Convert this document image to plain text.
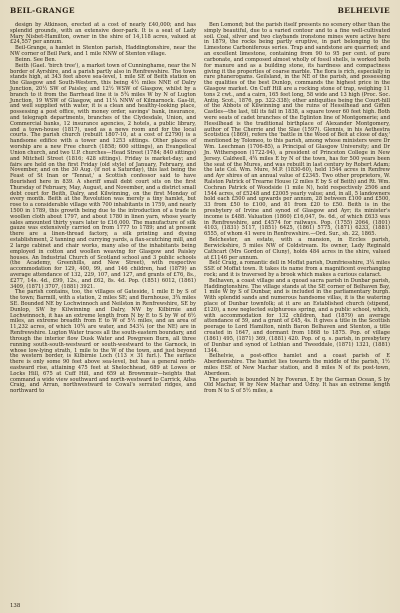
BEIL-GRANGE	BELHELVIE

design by Atkinson, erected at a cost of nearly £40,000; and has splendid grounds, with an extensive deer-park. It is a seat of Lady Mary Nisbet-Hamilton, owner in the shire of 14,118 acres, valued at £24,557 per annum.

Beil-Grange, a hamlet in Stenton parish, Haddingtonshire, near the NW corner of Beil Park, and 1 mile NNW of Stenton village.

Beinn. See Ben.

Beith (Gael. 'birch tree'), a market town of Cunninghame, near the N border of Ayrshire, and a parish partly also in Renfrewshire. The town stands high, at 343 feet above sea-level, 1 mile SE of Beith station on the Glasgow and South-Western, this being 4½ miles NNE of Dalry Junction, 20½ SW of Paisley, and 12½ WSW of Glasgow, whilst by a branch to it from the Barrhead line it is 5¾ miles W by N of Lugton Junction, 19 WSW of Glasgow, and 11¼ NNW of Kilmarnock. Gas-lit, and well supplied with water, it is a clean and healthy-looking place, possessing a post office, with money order, savings' bank, insurance, and telegraph departments, branches of the Clydesdale, Union, and Commercial banks, 12 insurance agencies, 2 hotels, a public library, and a town-house (1817), used as a news room and for the local courts. The parish church (rebuilt 1807-10, at a cost of £2790) is a handsome edifice with a tower and 1253 sittings. Other places of worship are a new Free church (1858; 600 sittings), an Evangelical Union church, and two U.P. churches—Head Street (1784; 840 sittings) and Mitchell Street (1816; 428 sittings). Friday is market-day; and fairs are held on the first Friday (old style) of January, February, and November, and on the 30 Aug. (if not a Saturday), this last being the Feast of St Inan or 'Tennat,' a Scottish confessor said to have flourished here in 839. A sheriff small debt court sits on the first Thursday of February, May, August, and November, and a district small debt court for Beith, Dalry, and Kilwinning, on the first Monday of every month. Beith at the Revolution was merely a tiny hamlet, but rose to a considerable village with 700 inhabitants in 1759, and nearly 1500 in 1789, this growth being due to the introduction of a trade in woollen cloth about 1797, and about 1780 in linen yarn, whose yearly sales amounted thirty years later to £16,000. The manufacture of silk gauze was extensively carried on from 1777 to 1789; and at present there are a linen-thread factory, a silk printing and dyeing establishment, 2 tanning and currying yards, a flax-scutching mill, and 2 large cabinet and chair works, many also of the inhabitants being employed in cotton and woollen weaving for Glasgow and Paisley houses. An Industrial Church of Scotland school and 3 public schools (the Academy, Greenhills, and New Street), with respective accommodation for 129, 400, 99, and 146 children, had (1879) an average attendance of 132, 229, 107, and 127, and grants of £76, 8s., £277, 14s. 4d., £99, 12s., and £62, 8s. 4d. Pop. (1851) 6012, (1861) 3409, (1871) 3707, (1881) 3921.

The parish contains, too, the villages of Gateside, 1 mile E by S of the town; Barmill, with a station, 2 miles SE; and Burnhouse, 3¾ miles SE. Bounded NE by Lochwinnoch and Neilston in Renfrewshire, SE by Dunlop, SW by Kilwinning and Dalry, NW by Kilbirnie and Lochwinnoch, it has an extreme length from N by E to S by W of 6½ miles, an extreme breadth from E to W of 5½ miles, and an area of 11,232 acres, of which 10¾ are water, and 543¼ (or the NE) are in Renfrewshire. Lugton Water traces all the south-eastern boundary, and through the interior flow Dusk Water and Powgreen Burn, all three running south-south-westward or south-westward to the Garnock, in whose low-lying strath, 1 mile to the W of the town, and just beyond the western border, is Kilbirnie Loch (113 × 31 furl.). The surface there is only some 90 feet above sea-level, but has a general north-eastward rise, attaining 475 feet at Shelochhead, 689 at Lowes or Locks Hill, 675 at Cuff Hill, and 659 at Brownmuir—heights that command a wide view southward and north-westward to Carrick, Ailsa Craig, and Arran, northwestward to Cowal's serrated ridges, and northward to

Ben Lomond; but the parish itself presents no scenery other than the simply beautiful, due to a varied contour and to a fine well-cultivated soil. Coal, silver and two claybands ironstone mines were active here in 1879, the rocks being partly eruptive, in part belonging to the Limestone Carboniferous series. Trap and sandstone are quarried; and an excellent limestone, containing from 90 to 95 per cent. of pure carbonate, and composed almost wholly of fossil shells, is worked both for manure and as a building stone, its hardness and compactness giving it the properties of coarse marble. The flora is rich, especially in rare phanerogams. Geilsland, in the NE of the parish, and possessing the qualities of the best Dunlop, commands the highest price in the Glasgow market. On Cuff Hill are a rocking stone of trap, weighing 11 tons 2 cwt., and a cairn, 165 feet long, 58 wide and 13 high (Proc. Soc. Antiq. Scot., 1876, pp. 322-338); other antiquities being the Court-hill of the Abbots of Kilwinning and the ruins of Hessilhead and Giffen Castles—the last, till its fall in 1838, a square tower 60 feet high. Both were seats of cadet branches of the Eglinton line of Montgomerie; and Hessilhead is the traditional birthplace of Alexander Montgomery, author of The Cherrie and the Slae (1597). Glennis, in his Aethestra Scotistica (1869), refers the 'battle in the Wood of Beit at close of day,' mentioned by Tolomeo, to this parish, among whose ministers were Dr Wm. Leechman (1706-85), a Principal of Glasgow University; and Dr Jn. Witherspoon (1722-94), a president of Princeton College in New Jersey. Caldwell, 4¾ miles E by N of the town, has for 500 years been the seat of the Mures, and was rebuilt in last century by Robert Adam; the late Col. Wm. Mure, M.P. (1830-60), held 1544 acres in Renfrew and Ayr shires of an annual value of £2345. Two other proprietors, W. Ralston Patrick of Trearne House (2 miles E by S of Beith) and Rt. Wm. Cochran Patrick of Woodside (1 mile N), hold respectively 2506 and 1544 acres, of £5248 and £2005 yearly value; and, in all, 5 landowners hold each £500 and upwards per annum, 28 between £100 and £500, 33 from £50 to £100, and 81 from £20 to £50. Beith is in the presbytery of Irvine and synod of Glasgow and Ayr; its minister's income is £488. Valuation (1860) £16,047, 9s. 6d., of which £633 was in Renfrewshire, and £4574 for railways. Pop. (1755) 2064, (1801) 4103, (1831) 5117, (1851) 6425, (1861) 5775, (1871) 6233, (1881) 6555, of whom 41 were in Renfrewshire.—Ord. Sur., sh. 22, 1865.

Belchester, an estate, with a mansion, in Eccles parish, Berwickshire, 5 miles NW of Coldstream. Its owner, Lady Reginald Cathcart (Mrs Gordon of Cluny), holds 484 acres in the shire, valued at £1146 per annum.

Belč Craig, a romantic dell in Moffat parish, Dumfriesshire, 3¼ miles SSE of Moffat town. It takes its name from a magnificent overhanging rock; and it is traversed by a brook which makes a curious cataract.

Belhaven, a coast village and a quoad sacra parish in Dunbar parish, Haddingtonshire. The village stands at the SE corner of Belhaven Bay, 1 mile W by S of Dunbar, and is included in the parliamentary burgh. With splendid sands and numerous handsome villas, it is the watering place of Dunbar townfolk; at it are an Established church (stipend, £120), a now neglected sulphurous spring, and a public school, which, with accommodation for 132 children, had (1879) an average attendance of 59, and a grant of £45, 4s. It gives a title in the Scottish peerage to Lord Hamilton, ninth Baron Belhaven and Stenton, a title created in 1647, and dormant from 1868 to 1875. Pop. of village (1861) 495, (1871) 369, (1881) 420. Pop. of q. s. parish, in presbytery of Dunbar and synod of Lothian and Tweeddale, (1871) 1321, (1881) 1344.

Belhelvie, a post-office hamlet and a coast parish of E Aberdeenshire. The hamlet lies towards the middle of the parish, 1½ miles ESE of New Machar station, and 8 miles N of its post-town, Aberdeen.

The parish is bounded N by Foveran, E by the German Ocean, S by Old Machar, W by New Machar and Udny. It has an extreme length from N to S of 5½ miles, a

138
